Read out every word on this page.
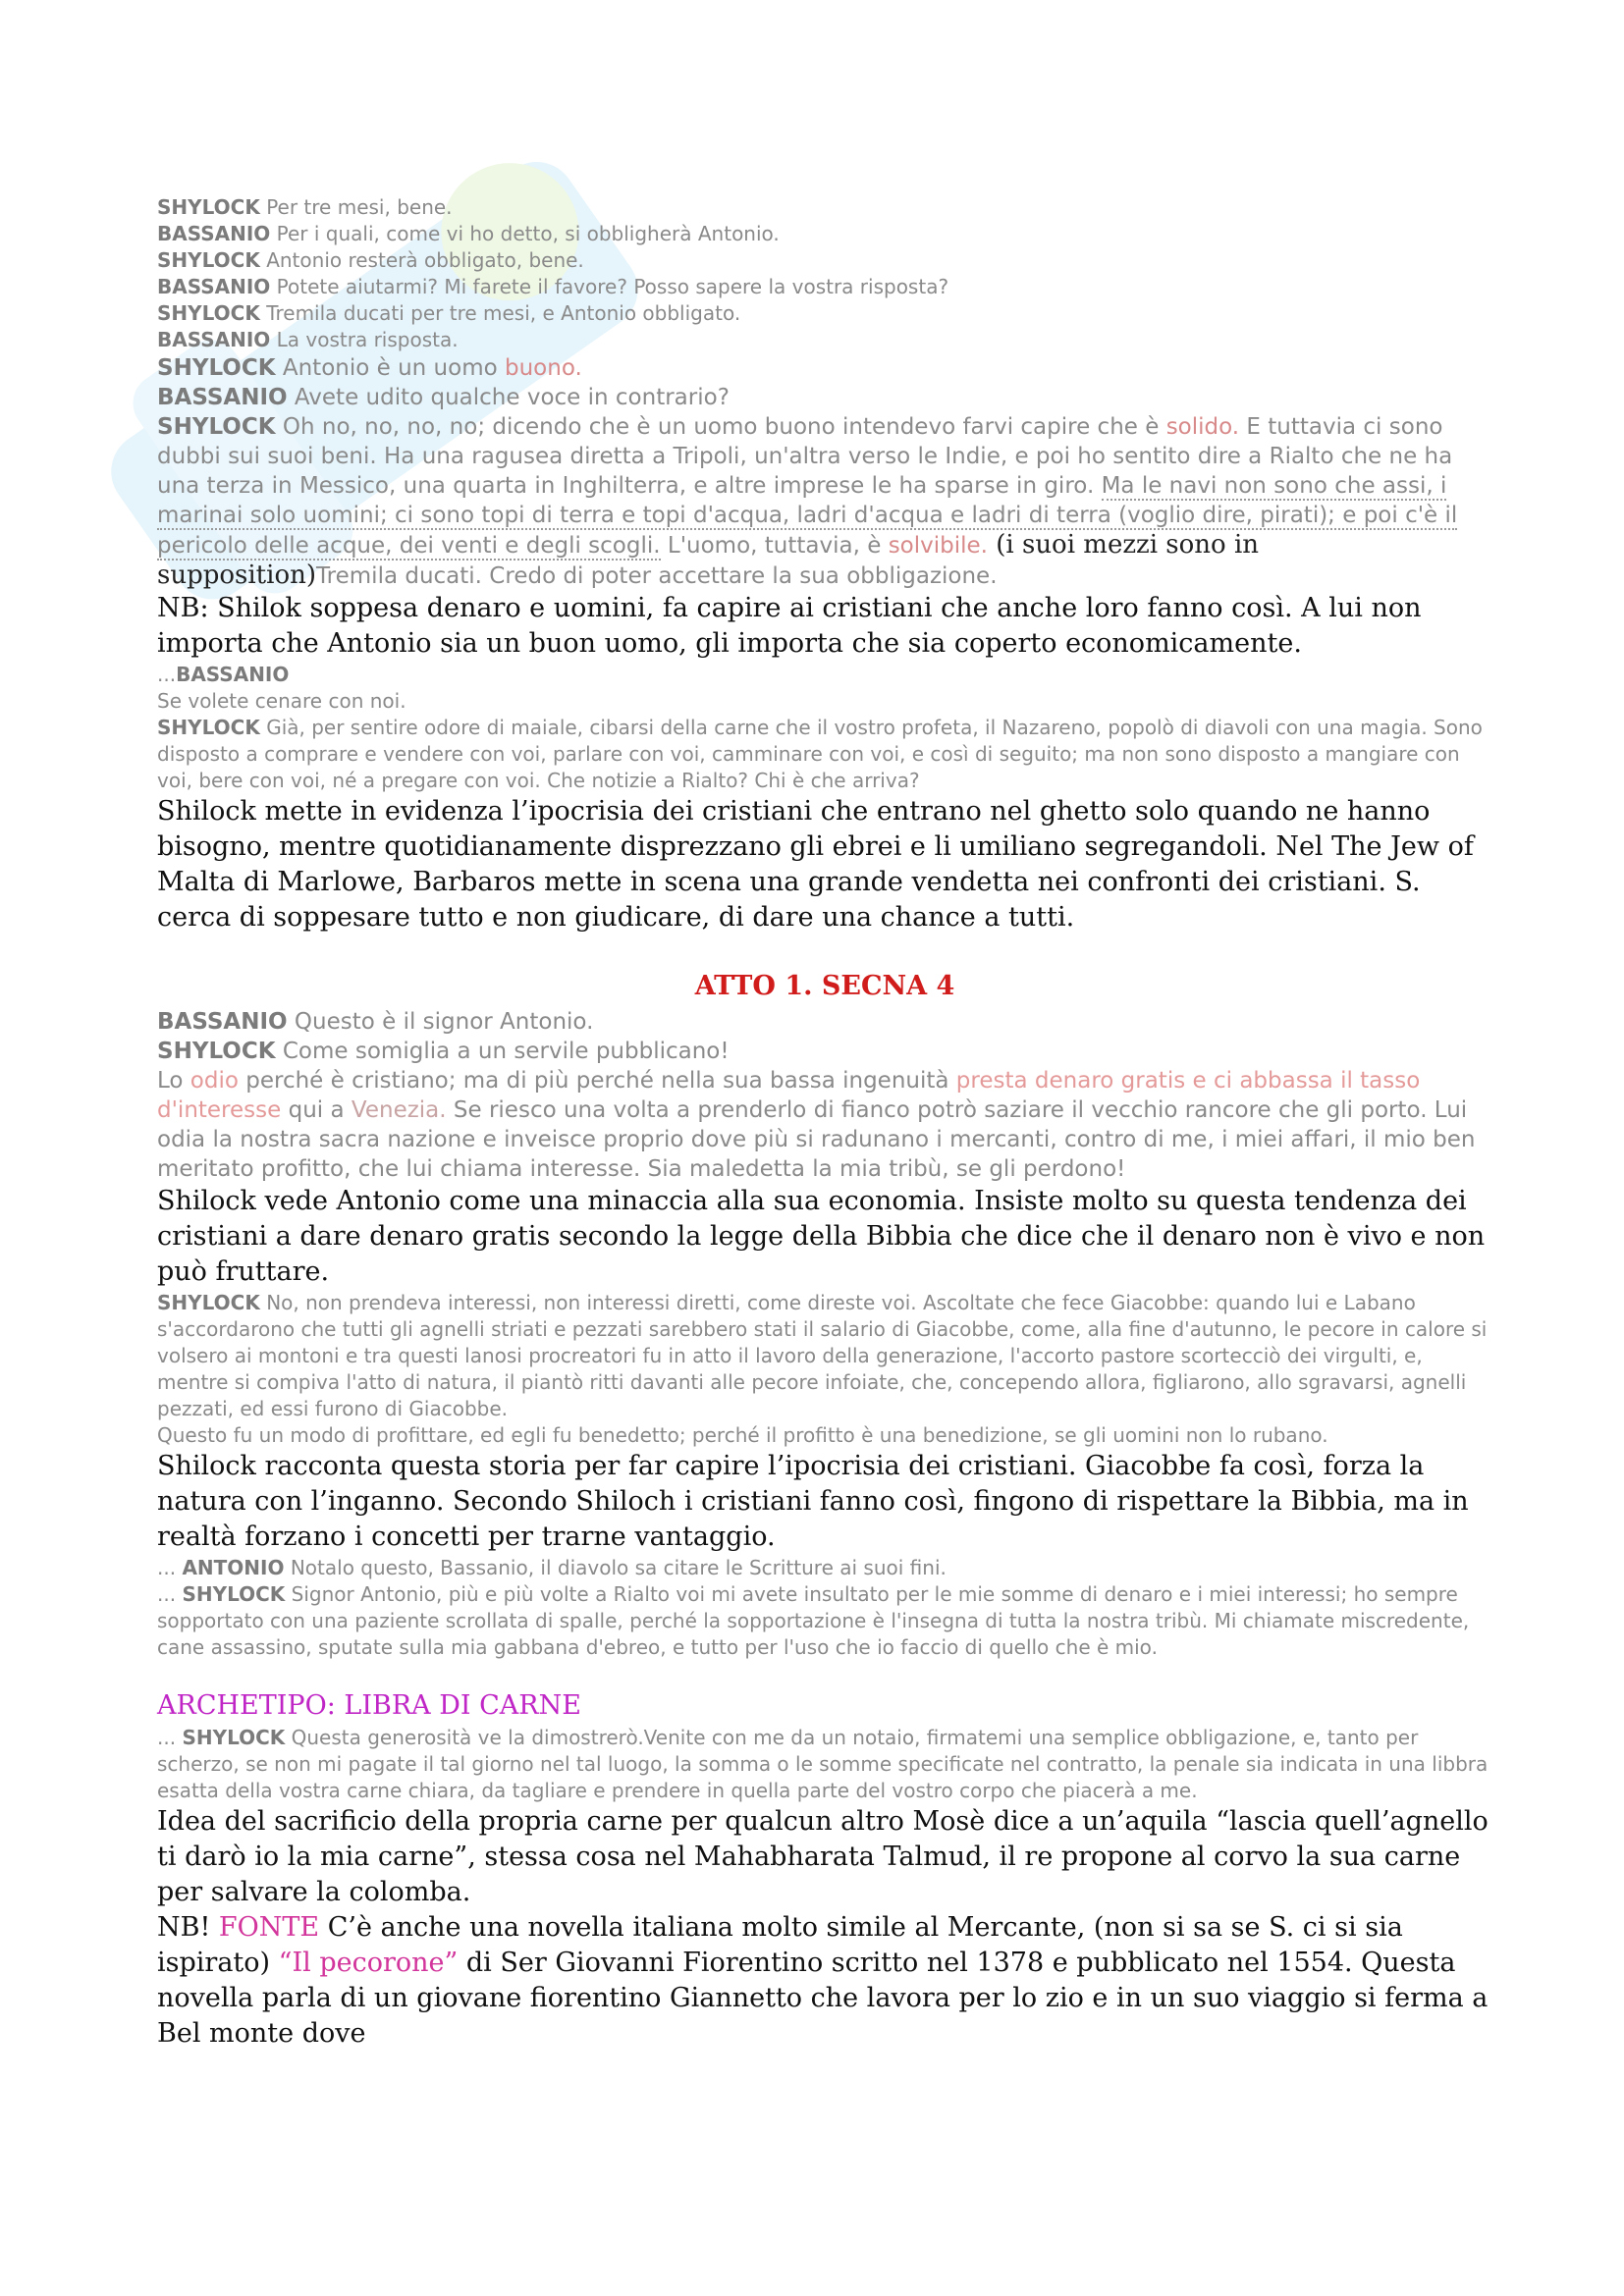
SHYLOCK Per tre mesi, bene.

BASSANIO Per i quali, come vi ho detto, si obbligherà Antonio.

SHYLOCK Antonio resterà obbligato, bene.

BASSANIO Potete aiutarmi? Mi farete il favore? Posso sapere la vostra risposta?

SHYLOCK Tremila ducati per tre mesi, e Antonio obbligato.

BASSANIO La vostra risposta.

SHYLOCK Antonio è un uomo buono.

BASSANIO Avete udito qualche voce in contrario?

SHYLOCK Oh no, no, no, no; dicendo che è un uomo buono intendevo farvi capire che è solido. E tuttavia ci sono dubbi sui suoi beni. Ha una ragusea diretta a Tripoli, un'altra verso le Indie, e poi ho sentito dire a Rialto che ne ha una terza in Messico, una quarta in Inghilterra, e altre imprese le ha sparse in giro. Ma le navi non sono che assi, i marinai solo uomini; ci sono topi di terra e topi d'acqua, ladri d'acqua e ladri di terra (voglio dire, pirati); e poi c'è il pericolo delle acque, dei venti e degli scogli. L'uomo, tuttavia, è solvibile. (i suoi mezzi sono in supposition)Tremila ducati. Credo di poter accettare la sua obbligazione.

NB: Shilok soppesa denaro e uomini, fa capire ai cristiani che anche loro fanno così. A lui non importa che Antonio sia un buon uomo, gli importa che sia coperto economicamente.

...BASSANIO

Se volete cenare con noi.

SHYLOCK Già, per sentire odore di maiale, cibarsi della carne che il vostro profeta, il Nazareno, popolò di diavoli con una magia. Sono disposto a comprare e vendere con voi, parlare con voi, camminare con voi, e così di seguito; ma non sono disposto a mangiare con voi, bere con voi, né a pregare con voi. Che notizie a Rialto? Chi è che arriva?

Shilock mette in evidenza l’ipocrisia dei cristiani che entrano nel ghetto solo quando ne hanno bisogno, mentre quotidianamente disprezzano gli ebrei e li umiliano segregandoli. Nel The Jew of Malta di Marlowe, Barbaros mette in scena una grande vendetta nei confronti dei cristiani. S. cerca di soppesare tutto e non giudicare, di dare una chance a tutti.

ATTO 1. SECNA 4

BASSANIO Questo è il signor Antonio.

SHYLOCK Come somiglia a un servile pubblicano!

Lo odio perché è cristiano; ma di più perché nella sua bassa ingenuità presta denaro gratis e ci abbassa il tasso d'interesse qui a Venezia. Se riesco una volta a prenderlo di fianco potrò saziare il vecchio rancore che gli porto. Lui odia la nostra sacra nazione e inveisce proprio dove più si radunano i mercanti, contro di me, i miei affari, il mio ben meritato profitto, che lui chiama interesse. Sia maledetta la mia tribù, se gli perdono!

Shilock vede Antonio come una minaccia alla sua economia. Insiste molto su questa tendenza dei cristiani a dare denaro gratis secondo la legge della Bibbia che dice che il denaro non è vivo e non può fruttare.

SHYLOCK No, non prendeva interessi, non interessi diretti, come direste voi. Ascoltate che fece Giacobbe: quando lui e Labano s'accordarono che tutti gli agnelli striati e pezzati sarebbero stati il salario di Giacobbe, come, alla fine d'autunno, le pecore in calore si volsero ai montoni e tra questi lanosi procreatori fu in atto il lavoro della generazione, l'accorto pastore scortecciò dei virgulti, e, mentre si compiva l'atto di natura, il piantò ritti davanti alle pecore infoiate, che, concependo allora, figliarono, allo sgravarsi, agnelli pezzati, ed essi furono di Giacobbe.

Questo fu un modo di profittare, ed egli fu benedetto; perché il profitto è una benedizione, se gli uomini non lo rubano.

Shilock racconta questa storia per far capire l’ipocrisia dei cristiani. Giacobbe fa così, forza la natura con l’inganno. Secondo Shiloch i cristiani fanno così, fingono di rispettare la Bibbia, ma in realtà forzano i concetti per trarne vantaggio.

... ANTONIO Notalo questo, Bassanio, il diavolo sa citare le Scritture ai suoi fini.

... SHYLOCK Signor Antonio, più e più volte a Rialto voi mi avete insultato per le mie somme di denaro e i miei interessi; ho sempre sopportato con una paziente scrollata di spalle, perché la sopportazione è l'insegna di tutta la nostra tribù. Mi chiamate miscredente, cane assassino, sputate sulla mia gabbana d'ebreo, e tutto per l'uso che io faccio di quello che è mio.

ARCHETIPO: LIBRA DI CARNE

... SHYLOCK Questa generosità ve la dimostrerò.Venite con me da un notaio, firmatemi una semplice obbligazione, e, tanto per scherzo, se non mi pagate il tal giorno nel tal luogo, la somma o le somme specificate nel contratto, la penale sia indicata in una libbra esatta della vostra carne chiara, da tagliare e prendere in quella parte del vostro corpo che piacerà a me.

Idea del sacrificio della propria carne per qualcun altro Mosè dice a un’aquila “lascia quell’agnello ti darò io la mia carne”, stessa cosa nel Mahabharata Talmud, il re propone al corvo la sua carne per salvare la colomba.

NB! FONTE C’è anche una novella italiana molto simile al Mercante, (non si sa se S. ci si sia ispirato) “Il pecorone” di Ser Giovanni Fiorentino scritto nel 1378 e pubblicato nel 1554. Questa novella parla di un giovane fiorentino Giannetto che lavora per lo zio e in un suo viaggio si ferma a Bel monte dove
